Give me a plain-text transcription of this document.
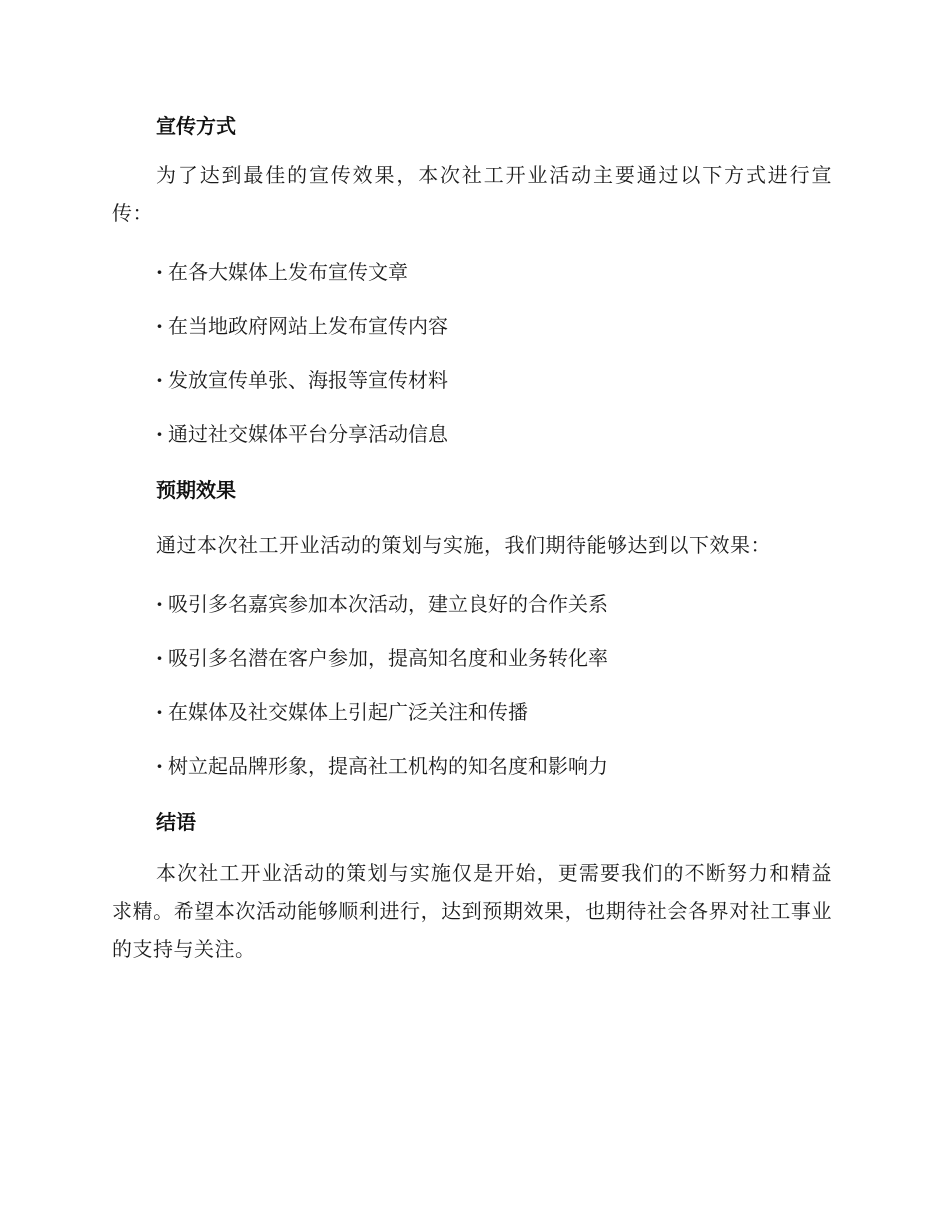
宣传方式

为了达到最佳的宣传效果，本次社工开业活动主要通过以下方式进行宣传：

· 在各大媒体上发布宣传文章

· 在当地政府网站上发布宣传内容

· 发放宣传单张、海报等宣传材料

· 通过社交媒体平台分享活动信息

预期效果

通过本次社工开业活动的策划与实施，我们期待能够达到以下效果：

· 吸引多名嘉宾参加本次活动，建立良好的合作关系

· 吸引多名潜在客户参加，提高知名度和业务转化率

· 在媒体及社交媒体上引起广泛关注和传播

· 树立起品牌形象，提高社工机构的知名度和影响力

结语

本次社工开业活动的策划与实施仅是开始，更需要我们的不断努力和精益求精。希望本次活动能够顺利进行，达到预期效果，也期待社会各界对社工事业的支持与关注。
